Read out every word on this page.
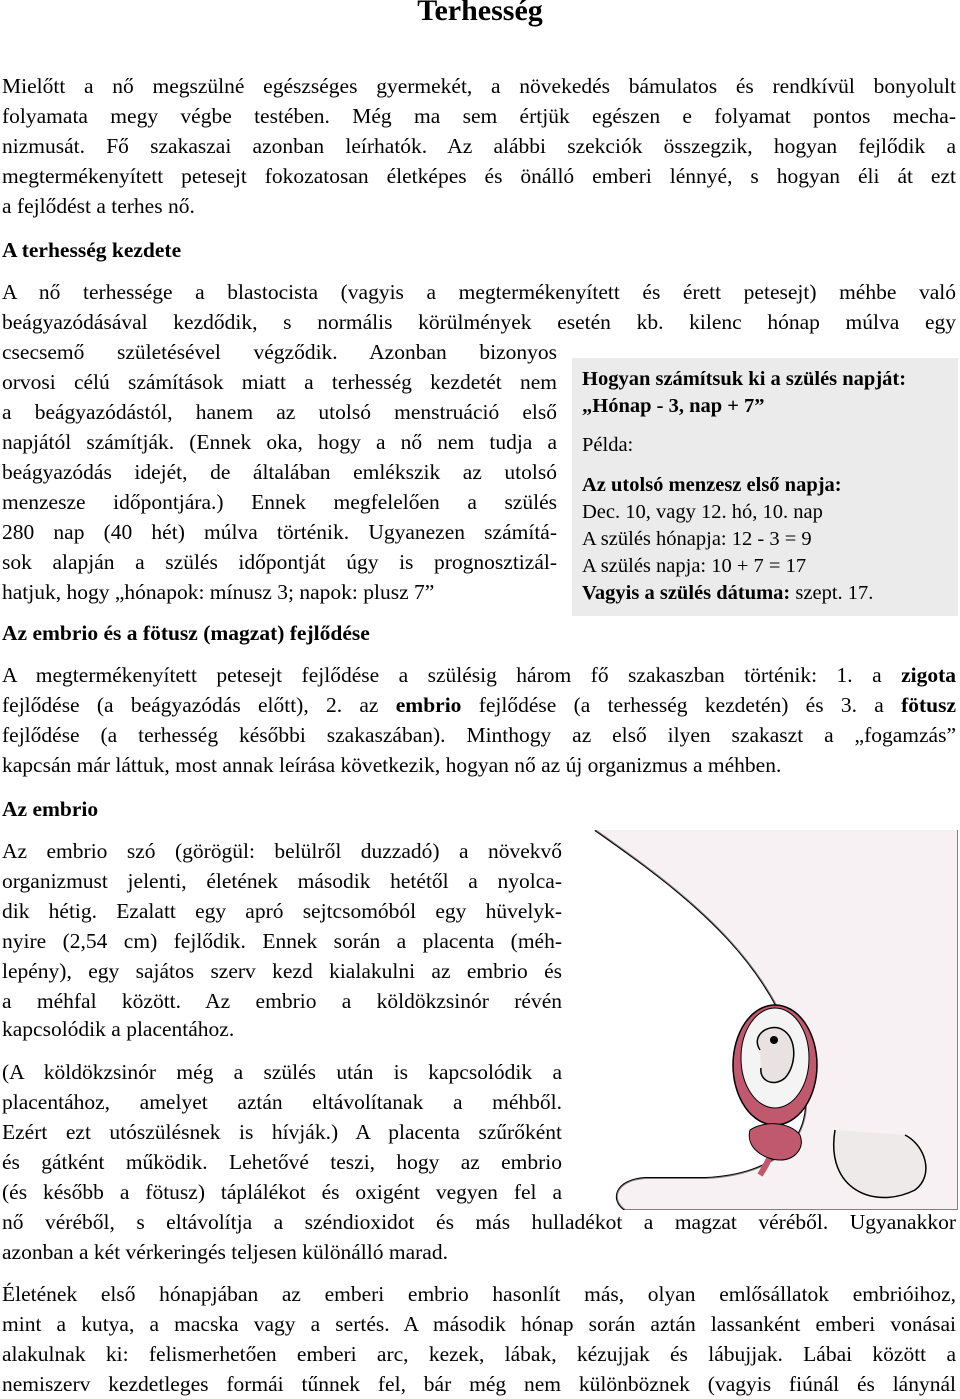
Terhesség
Mielőtt a nő megszülné egészséges gyermekét, a növekedés bámulatos és rendkívül bonyolult
folyamata megy végbe testében. Még ma sem értjük egészen e folyamat pontos mecha-
nizmusát. Fő szakaszai azonban leírhatók. Az alábbi szekciók összegzik, hogyan fejlődik a
megtermékenyített petesejt fokozatosan életképes és önálló emberi lénnyé, s hogyan éli át ezt
a fejlődést a terhes nő.
A terhesség kezdete
A nő terhessége a blastocista (vagyis a megtermékenyített és érett petesejt) méhbe való
beágyazódásával kezdődik, s normális körülmények esetén kb. kilenc hónap múlva egy
csecsemő születésével végződik. Azonban bizonyos
orvosi célú számítások miatt a terhesség kezdetét nem
a beágyazódástól, hanem az utolsó menstruáció első
napjától számítják. (Ennek oka, hogy a nő nem tudja a
beágyazódás idejét, de általában emlékszik az utolsó
menzesze időpontjára.) Ennek megfelelően a szülés
280 nap (40 hét) múlva történik. Ugyanezen számítá-
sok alapján a szülés időpontját úgy is prognosztizál-
hatjuk, hogy „hónapok: mínusz 3; napok: plusz 7”
Hogyan számítsuk ki a szülés napját:
„Hónap - 3, nap + 7”
Példa:
Az utolsó menzesz első napja:
Dec. 10, vagy 12. hó, 10. nap
A szülés hónapja: 12 - 3 = 9
A szülés napja: 10 + 7 = 17
Vagyis a szülés dátuma: szept. 17.
Az embrio és a fötusz (magzat) fejlődése
A megtermékenyített petesejt fejlődése a szülésig három fő szakaszban történik: 1. a zigota
fejlődése (a beágyazódás előtt), 2. az embrio fejlődése (a terhesség kezdetén) és 3. a fötusz
fejlődése (a terhesség későbbi szakaszában). Minthogy az első ilyen szakaszt a „fogamzás”
kapcsán már láttuk, most annak leírása következik, hogyan nő az új organizmus a méhben.
Az embrio
Az embrio szó (görögül: belülről duzzadó) a növekvő
organizmust jelenti, életének második hetétől a nyolca-
dik hétig. Ezalatt egy apró sejtcsomóból egy hüvelyk-
nyire (2,54 cm) fejlődik. Ennek során a placenta (méh-
lepény), egy sajátos szerv kezd kialakulni az embrio és
a méhfal között. Az embrio a köldökzsinór révén
kapcsolódik a placentához.
(A köldökzsinór még a szülés után is kapcsolódik a
placentához, amelyet aztán eltávolítanak a méhből.
Ezért ezt utószülésnek is hívják.) A placenta szűrőként
és gátként működik. Lehetővé teszi, hogy az embrio
(és később a fötusz) táplálékot és oxigént vegyen fel a
nő véréből, s eltávolítja a széndioxidot és más hulladékot a magzat véréből. Ugyanakkor
azonban a két vérkeringés teljesen különálló marad.
Életének első hónapjában az emberi embrio hasonlít más, olyan emlősállatok embrióihoz,
mint a kutya, a macska vagy a sertés. A második hónap során aztán lassanként emberi vonásai
alakulnak ki: felismerhetően emberi arc, kezek, lábak, kézujjak és lábujjak. Lábai között a
nemiszerv kezdetleges formái tűnnek fel, bár még nem különböznek (vagyis fiúnál és lánynál
